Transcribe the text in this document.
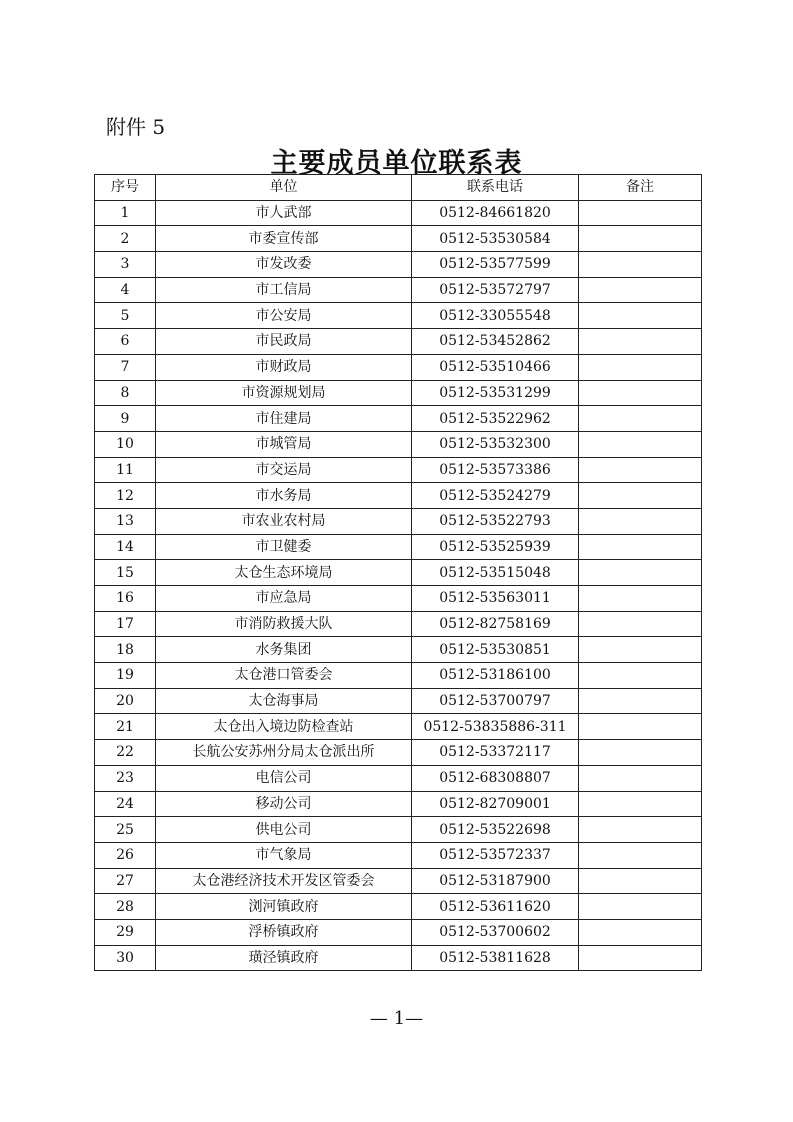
附件 5
主要成员单位联系表
序号	单位	联系电话	备注
1	市人武部	0512-84661820	
2	市委宣传部	0512-53530584	
3	市发改委	0512-53577599	
4	市工信局	0512-53572797	
5	市公安局	0512-33055548	
6	市民政局	0512-53452862	
7	市财政局	0512-53510466	
8	市资源规划局	0512-53531299	
9	市住建局	0512-53522962	
10	市城管局	0512-53532300	
11	市交运局	0512-53573386	
12	市水务局	0512-53524279	
13	市农业农村局	0512-53522793	
14	市卫健委	0512-53525939	
15	太仓生态环境局	0512-53515048	
16	市应急局	0512-53563011	
17	市消防救援大队	0512-82758169	
18	水务集团	0512-53530851	
19	太仓港口管委会	0512-53186100	
20	太仓海事局	0512-53700797	
21	太仓出入境边防检查站	0512-53835886-311	
22	长航公安苏州分局太仓派出所	0512-53372117	
23	电信公司	0512-68308807	
24	移动公司	0512-82709001	
25	供电公司	0512-53522698	
26	市气象局	0512-53572337	
27	太仓港经济技术开发区管委会	0512-53187900	
28	浏河镇政府	0512-53611620	
29	浮桥镇政府	0512-53700602	
30	璜泾镇政府	0512-53811628	
— 1—
